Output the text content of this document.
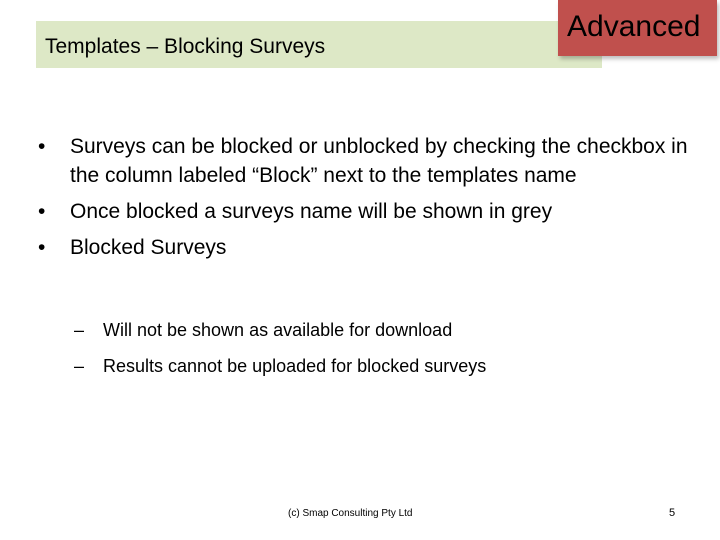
Templates – Blocking Surveys
Advanced
• Surveys can be blocked or unblocked by checking the checkbox in the column labeled “Block” next to the templates name
• Once blocked a surveys name will be shown in grey
• Blocked Surveys
– Will not be shown as available for download
– Results cannot be uploaded for blocked surveys
(c) Smap Consulting Pty Ltd	5
